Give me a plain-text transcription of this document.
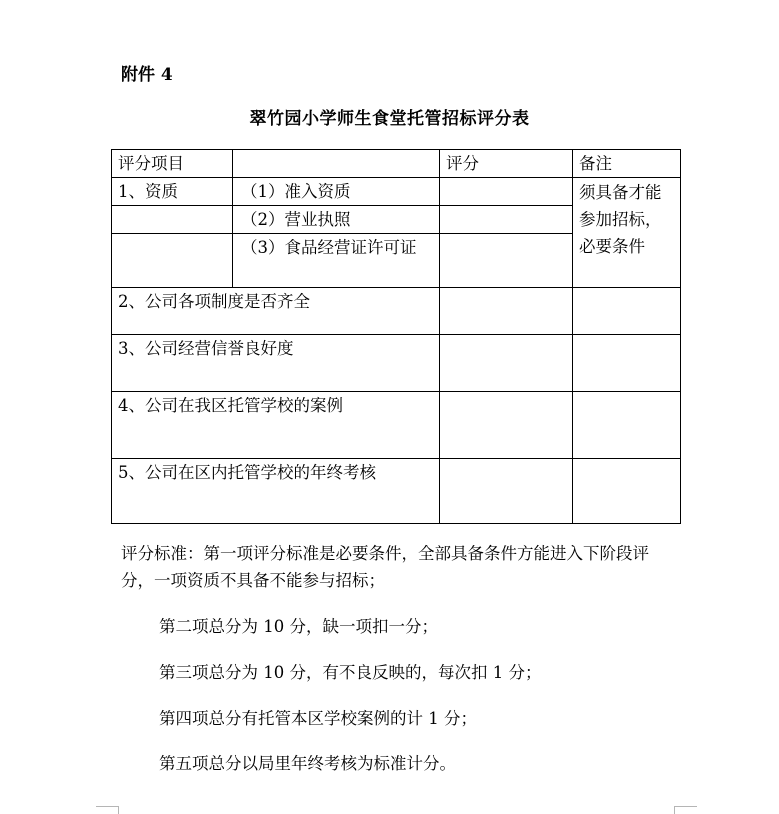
附件 4
翠竹园小学师生食堂托管招标评分表
评分项目		评分	备注
1、资质	（1）准入资质		须具备才能参加招标，必要条件
	（2）营业执照		
	（3）食品经营证许可证		
2、公司各项制度是否齐全			
3、公司经营信誉良好度			
4、公司在我区托管学校的案例			
5、公司在区内托管学校的年终考核			
评分标准：第一项评分标准是必要条件，全部具备条件方能进入下阶段评分，一项资质不具备不能参与招标；
第二项总分为 10 分，缺一项扣一分；
第三项总分为 10 分，有不良反映的，每次扣 1 分；
第四项总分有托管本区学校案例的计 1 分；
第五项总分以局里年终考核为标准计分。
